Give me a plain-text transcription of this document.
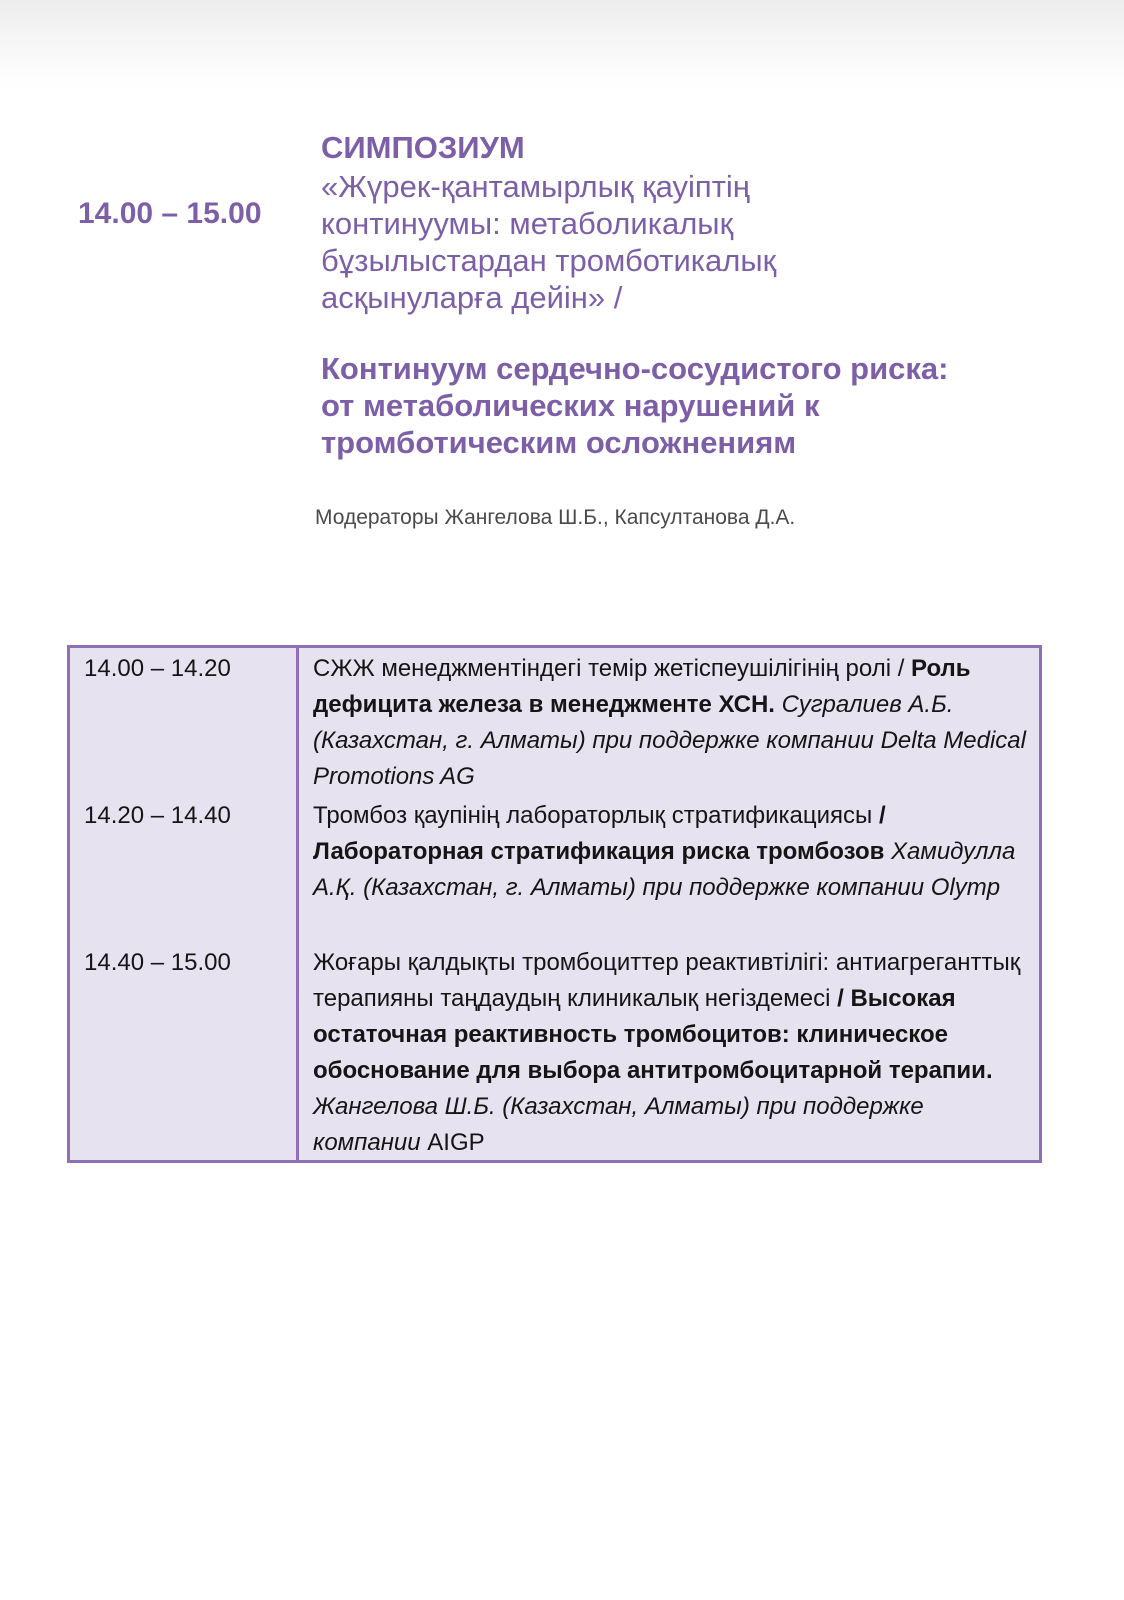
14.00 – 15.00
СИМПОЗИУМ
«Жүрек-қантамырлық қауіптің
континуумы: метаболикалық
бұзылыстардан тромботикалық
асқынуларға дейін» /
Континуум сердечно-сосудистого риска:
от метаболических нарушений к
тромботическим осложнениям
Модераторы Жангелова Ш.Б., Капсултанова Д.А.
14.00 – 14.20
14.20 – 14.40
14.40 – 15.00
СЖЖ менеджментіндегі темір жетіспеушілігінің ролі / Роль дефицита железа в менеджменте ХСН. Сугралиев А.Б. (Казахстан, г. Алматы) при поддержке компании Delta Medical Promotions AG
Тромбоз қаупінің лабораторлық стратификациясы /Лабораторная стратификация риска тромбозов Хамидулла А.Қ. (Казахстан, г. Алматы) при поддержке компании Olymp
Жоғары қалдықты тромбоциттер реактивтілігі: антиагреганттық терапияны таңдаудың клиникалық негіздемесі / Высокая остаточная реактивность тромбоцитов: клиническое обоснование для выбора антитромбоцитарной терапии. Жангелова Ш.Б. (Казахстан, Алматы) при поддержке компании AIGP
